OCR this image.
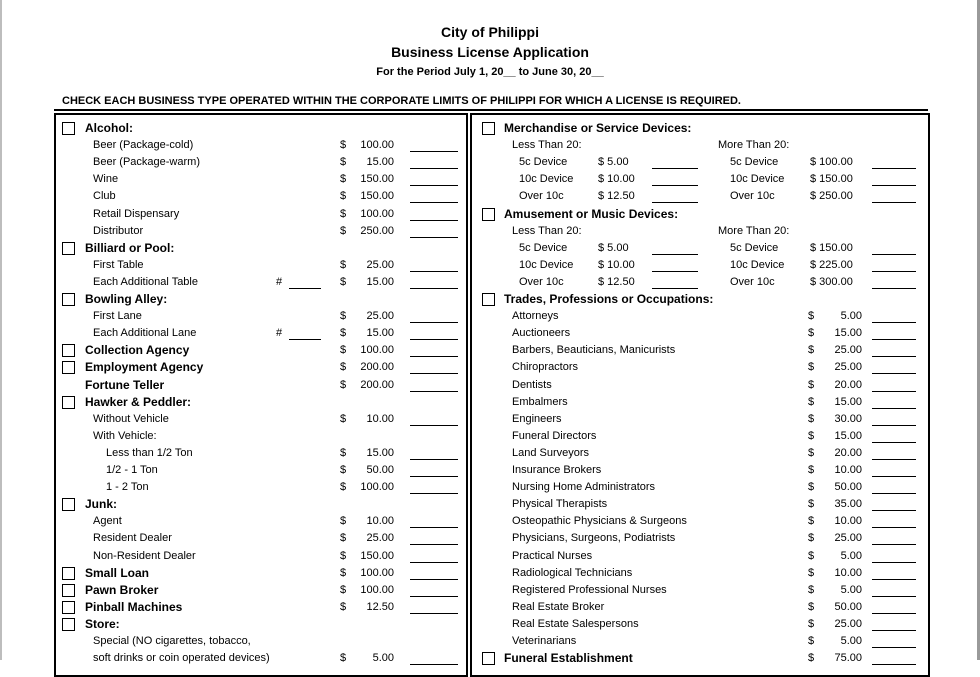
City of Philippi
Business License Application
For the Period July 1, 20__ to June 30, 20__
CHECK EACH BUSINESS TYPE OPERATED WITHIN THE CORPORATE LIMITS OF PHILIPPI FOR WHICH A LICENSE IS REQUIRED.
Alcohol:
Beer (Package-cold)	$	100.00
Beer (Package-warm)	$	15.00
Wine	$	150.00
Club	$	150.00
Retail Dispensary	$	100.00
Distributor	$	250.00
Billiard or Pool:
First Table	$	25.00
Each Additional Table	#	$	15.00
Bowling Alley:
First Lane	$	25.00
Each Additional Lane	#	$	15.00
Collection Agency	$	100.00
Employment Agency	$	200.00
Fortune Teller	$	200.00
Hawker & Peddler:
Without Vehicle	$	10.00
With Vehicle:
Less than 1/2 Ton	$	15.00
1/2 - 1 Ton	$	50.00
1 - 2 Ton	$	100.00
Junk:
Agent	$	10.00
Resident Dealer	$	25.00
Non-Resident Dealer	$	150.00
Small Loan	$	100.00
Pawn Broker	$	100.00
Pinball Machines	$	12.50
Store:
Special (NO cigarettes, tobacco,
soft drinks or coin operated devices)	$	5.00
Merchandise or Service Devices:
Less Than 20:	More Than 20:
5c Device	$ 5.00	5c Device	$ 100.00
10c Device $ 10.00	10c Device $ 150.00
Over 10c	$ 12.50	Over 10c	$ 250.00
Amusement or Music Devices:
Less Than 20:	More Than 20:
5c Device	$ 5.00	5c Device	$ 150.00
10c Device $ 10.00	10c Device $ 225.00
Over 10c	$ 12.50	Over 10c	$ 300.00
Trades, Professions or Occupations:
Attorneys	$	5.00
Auctioneers	$	15.00
Barbers, Beauticians, Manicurists	$	25.00
Chiropractors	$	25.00
Dentists	$	20.00
Embalmers	$	15.00
Engineers	$	30.00
Funeral Directors	$	15.00
Land Surveyors	$	20.00
Insurance Brokers	$	10.00
Nursing Home Administrators	$	50.00
Physical Therapists	$	35.00
Osteopathic Physicians & Surgeons	$	10.00
Physicians, Surgeons, Podiatrists	$	25.00
Practical Nurses	$	5.00
Radiological Technicians	$	10.00
Registered Professional Nurses	$	5.00
Real Estate Broker	$	50.00
Real Estate Salespersons	$	25.00
Veterinarians	$	5.00
Funeral Establishment	$	75.00
